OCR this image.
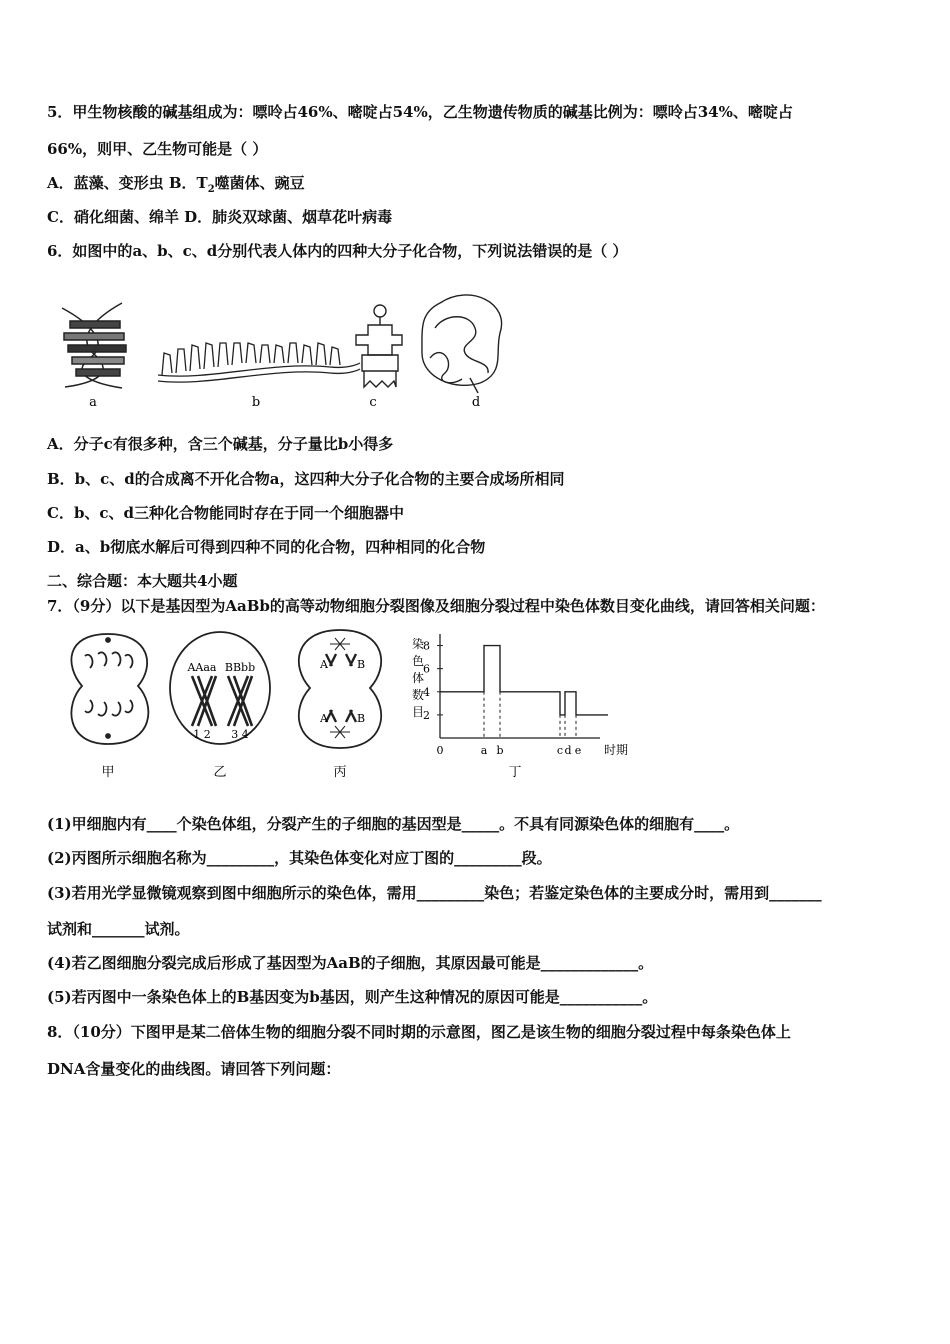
5．甲生物核酸的碱基组成为：嘌呤占46%、嘧啶占54%，乙生物遗传物质的碱基比例为：嘌呤占34%、嘧啶占
66%，则甲、乙生物可能是（ ）
A．蓝藻、变形虫 B．$T_2$噬菌体、豌豆
C．硝化细菌、绵羊 D．肺炎双球菌、烟草花叶病毒
6．如图中的a、b、c、d分别代表人体内的四种大分子化合物，下列说法错误的是（ ）
a	b	c	d
A．分子c有很多种，含三个碱基，分子量比b小得多
B．b、c、d的合成离不开化合物a，这四种大分子化合物的主要合成场所相同
C．b、c、d三种化合物能同时存在于同一个细胞器中
D．a、b彻底水解后可得到四种不同的化合物，四种相同的化合物
二、综合题：本大题共4小题
7．（9分）以下是基因型为AaBb的高等动物细胞分裂图像及细胞分裂过程中染色体数目变化曲线，请回答相关问题：
甲
AAaa BBbb
1 2 3 4
乙
A	B
A	B
丙
染
色
体
数
目
2
4
6
8
0	a b	c d e 时期
丁
(1)甲细胞内有____个染色体组，分裂产生的子细胞的基因型是_____。不具有同源染色体的细胞有____。
(2)丙图所示细胞名称为_________，其染色体变化对应丁图的_________段。
(3)若用光学显微镜观察到图中细胞所示的染色体，需用_________染色；若鉴定染色体的主要成分时，需用到_______
试剂和_______试剂。
(4)若乙图细胞分裂完成后形成了基因型为AaB的子细胞，其原因最可能是_____________。
(5)若丙图中一条染色体上的B基因变为b基因，则产生这种情况的原因可能是___________。
8．（10分）下图甲是某二倍体生物的细胞分裂不同时期的示意图，图乙是该生物的细胞分裂过程中每条染色体上
DNA含量变化的曲线图。请回答下列问题：
